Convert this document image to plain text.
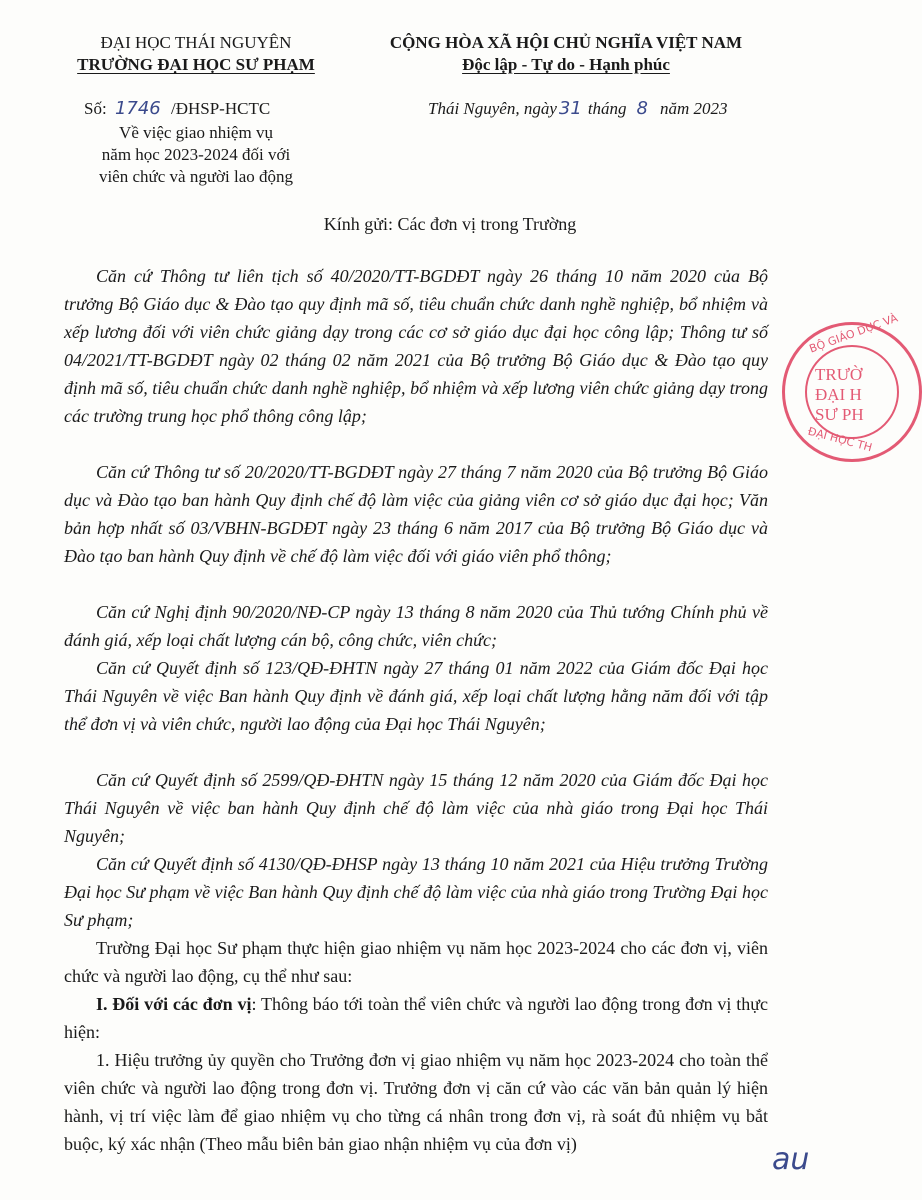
ĐẠI HỌC THÁI NGUYÊN
TRƯỜNG ĐẠI HỌC SƯ PHẠM
CỘNG HÒA XÃ HỘI CHỦ NGHĨA VIỆT NAM
Độc lập - Tự do - Hạnh phúc
Số: 1746 /ĐHSP-HCTC
Về việc giao nhiệm vụ
năm học 2023-2024 đối với
viên chức và người lao động
Thái Nguyên, ngày 31 tháng 8 năm 2023
Kính gửi: Các đơn vị trong Trường
Căn cứ Thông tư liên tịch số 40/2020/TT-BGDĐT ngày 26 tháng 10 năm 2020 của Bộ trưởng Bộ Giáo dục & Đào tạo quy định mã số, tiêu chuẩn chức danh nghề nghiệp, bổ nhiệm và xếp lương đối với viên chức giảng dạy trong các cơ sở giáo dục đại học công lập; Thông tư số 04/2021/TT-BGDĐT ngày 02 tháng 02 năm 2021 của Bộ trưởng Bộ Giáo dục & Đào tạo quy định mã số, tiêu chuẩn chức danh nghề nghiệp, bổ nhiệm và xếp lương viên chức giảng dạy trong các trường trung học phổ thông công lập;
Căn cứ Thông tư số 20/2020/TT-BGDĐT ngày 27 tháng 7 năm 2020 của Bộ trưởng Bộ Giáo dục và Đào tạo ban hành Quy định chế độ làm việc của giảng viên cơ sở giáo dục đại học; Văn bản hợp nhất số 03/VBHN-BGDĐT ngày 23 tháng 6 năm 2017 của Bộ trưởng Bộ Giáo dục và Đào tạo ban hành Quy định về chế độ làm việc đối với giáo viên phổ thông;
Căn cứ Nghị định 90/2020/NĐ-CP ngày 13 tháng 8 năm 2020 của Thủ tướng Chính phủ về đánh giá, xếp loại chất lượng cán bộ, công chức, viên chức;
Căn cứ Quyết định số 123/QĐ-ĐHTN ngày 27 tháng 01 năm 2022 của Giám đốc Đại học Thái Nguyên về việc Ban hành Quy định về đánh giá, xếp loại chất lượng hằng năm đối với tập thể đơn vị và viên chức, người lao động của Đại học Thái Nguyên;
Căn cứ Quyết định số 2599/QĐ-ĐHTN ngày 15 tháng 12 năm 2020 của Giám đốc Đại học Thái Nguyên về việc ban hành Quy định chế độ làm việc của nhà giáo trong Đại học Thái Nguyên;
Căn cứ Quyết định số 4130/QĐ-ĐHSP ngày 13 tháng 10 năm 2021 của Hiệu trưởng Trường Đại học Sư phạm về việc Ban hành Quy định chế độ làm việc của nhà giáo trong Trường Đại học Sư phạm;
Trường Đại học Sư phạm thực hiện giao nhiệm vụ năm học 2023-2024 cho các đơn vị, viên chức và người lao động, cụ thể như sau:
I. Đối với các đơn vị: Thông báo tới toàn thể viên chức và người lao động trong đơn vị thực hiện:
1. Hiệu trưởng ủy quyền cho Trưởng đơn vị giao nhiệm vụ năm học 2023-2024 cho toàn thể viên chức và người lao động trong đơn vị. Trưởng đơn vị căn cứ vào các văn bản quản lý hiện hành, vị trí việc làm để giao nhiệm vụ cho từng cá nhân trong đơn vị, rà soát đủ nhiệm vụ bắt buộc, ký xác nhận (Theo mẫu biên bản giao nhận nhiệm vụ của đơn vị)
BỘ GIÁO DỤC VÀ
TRƯỜ
ĐẠI H
SƯ PH
ĐẠI HỌC TH
au
